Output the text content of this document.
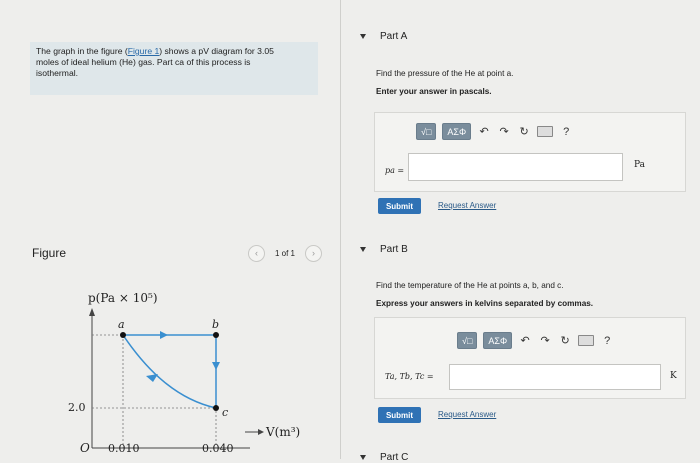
The graph in the figure (Figure 1) shows a pV diagram for 3.05
moles of ideal helium (He) gas. Part ca of this process is
isothermal.
Figure	‹	1 of 1	›
p(Pa × 10⁵)
V(m³)
O
2.0
0.010	0.040
a	b
c
Part A
Find the pressure of the He at point a.
Enter your answer in pascals.
√□	ΑΣΦ	↶ ↷ ↻	?
pa =
Pa
Submit	Request Answer
Part B
Find the temperature of the He at points a, b, and c.
Express your answers in kelvins separated by commas.
√□	ΑΣΦ	↶ ↷ ↻	?
Ta, Tb, Tc =	K
Submit	Request Answer
Part C
